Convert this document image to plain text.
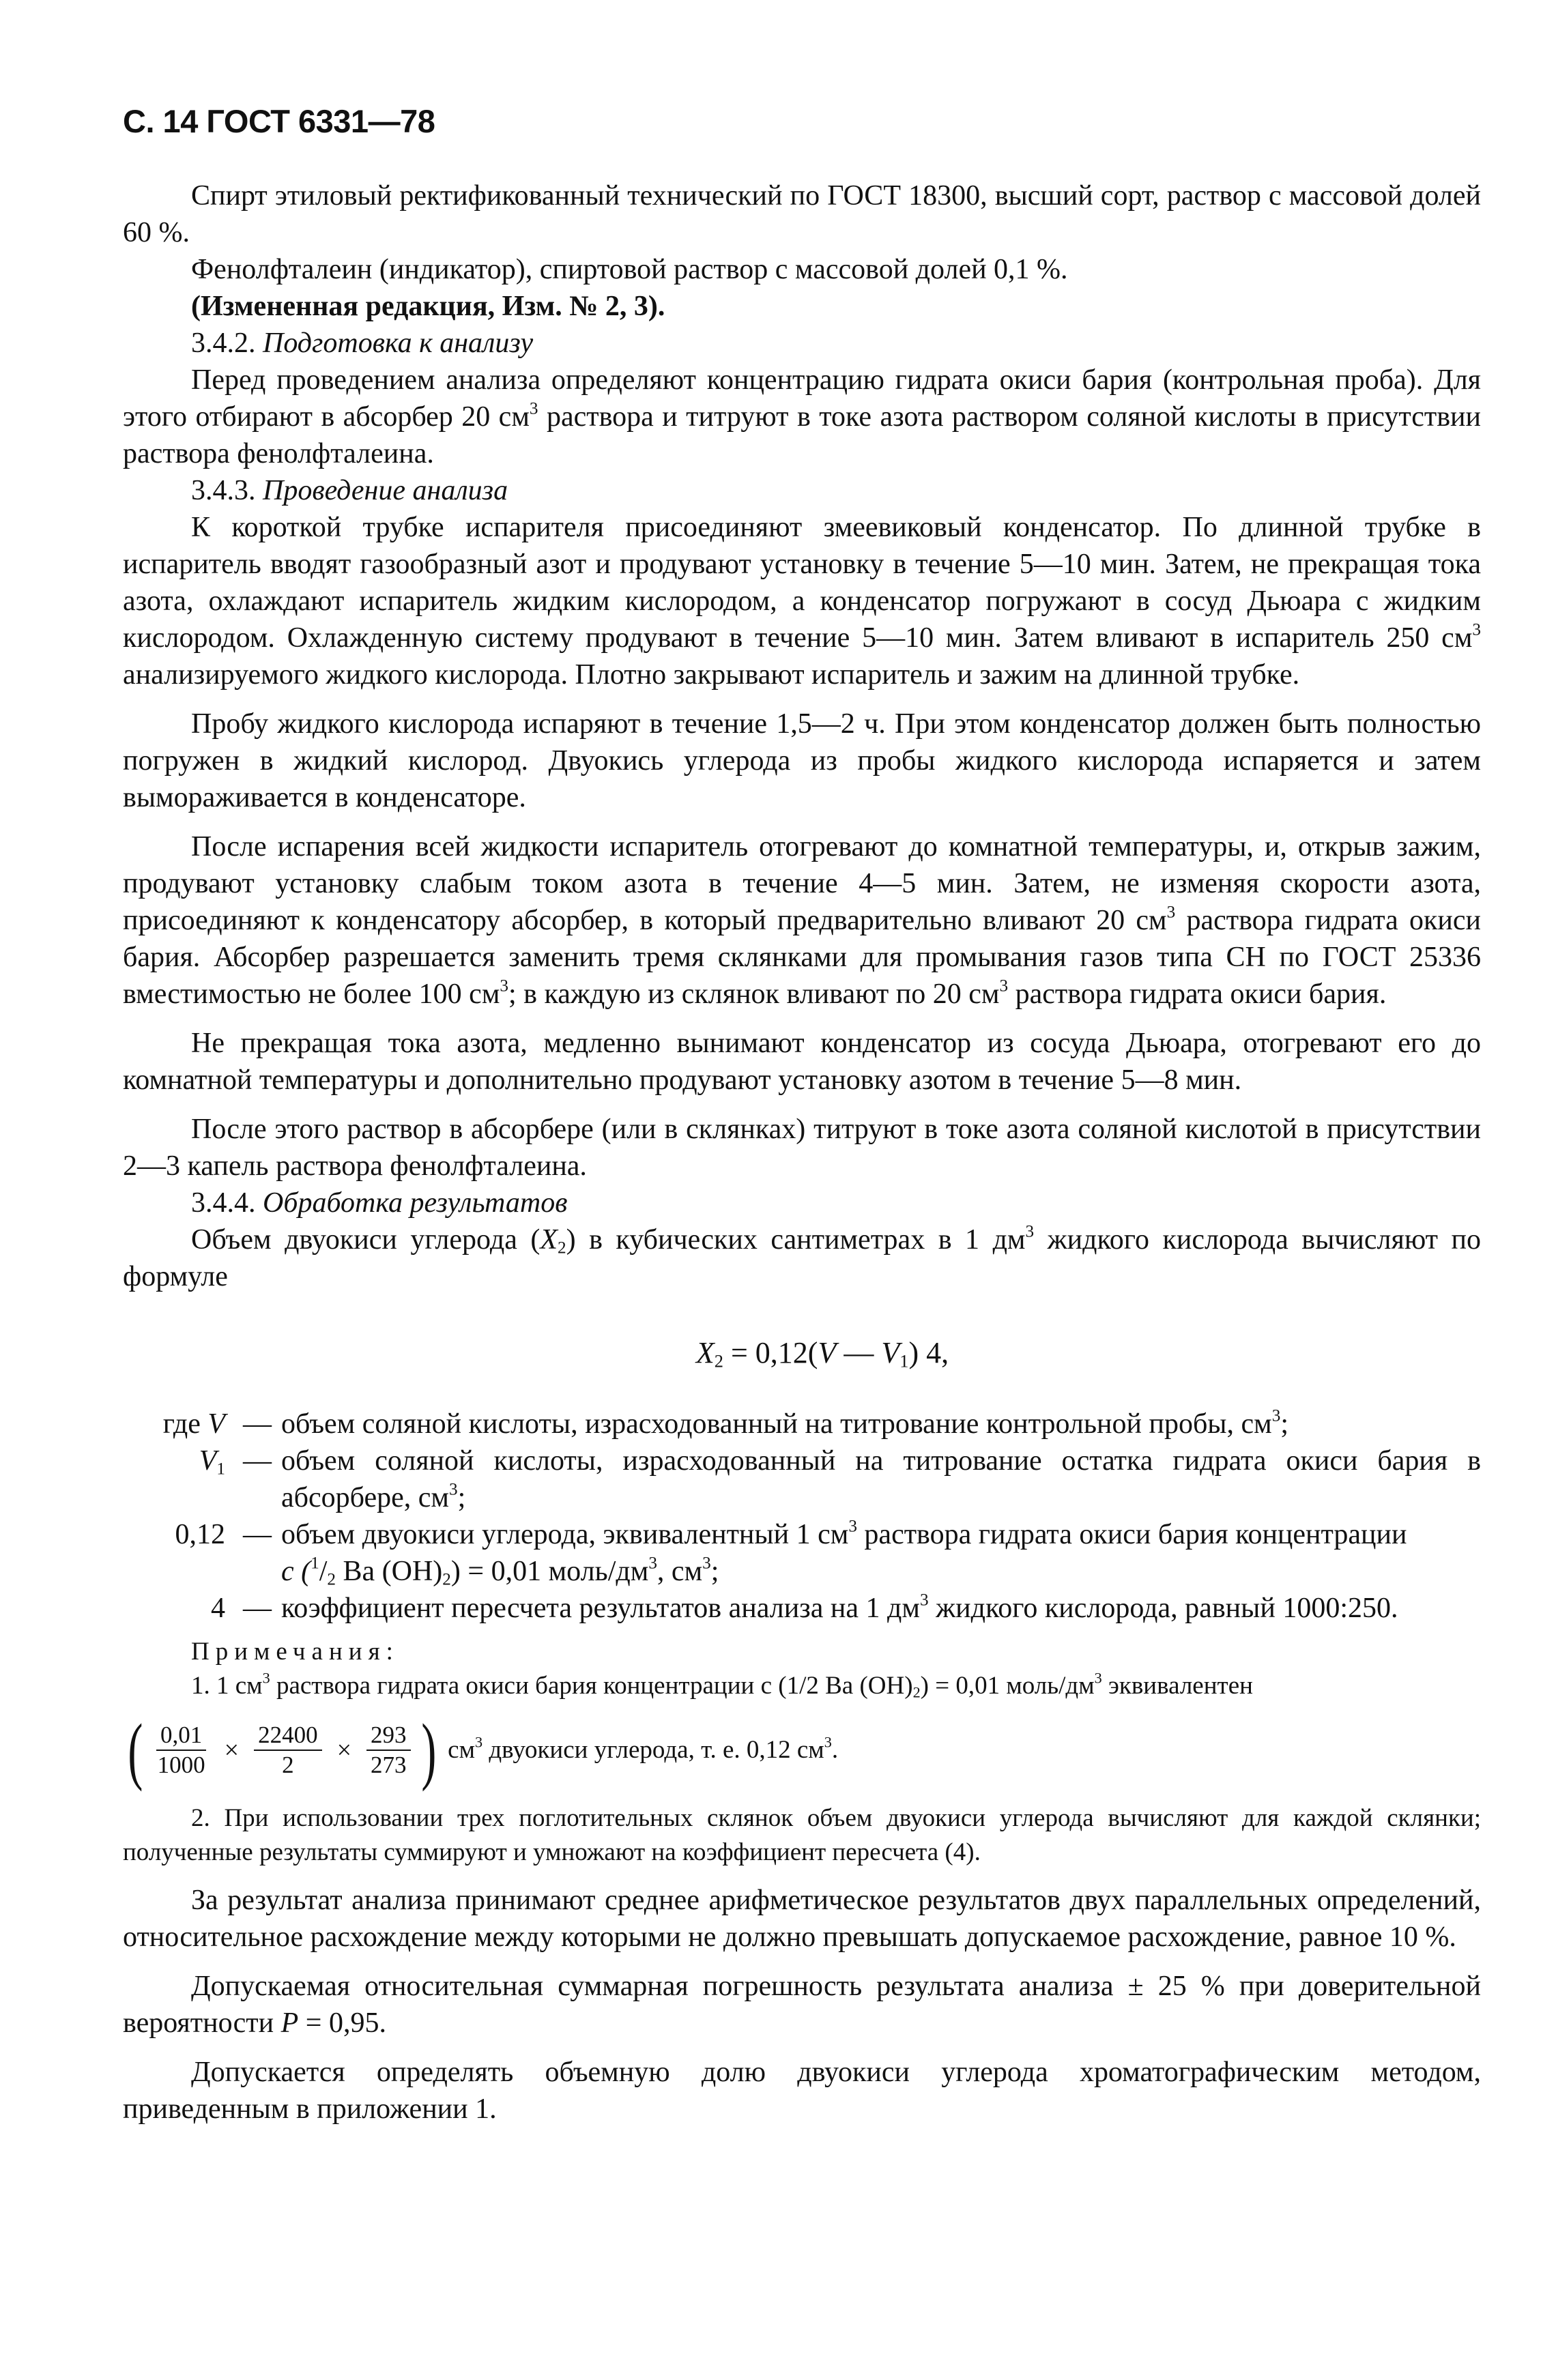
С. 14 ГОСТ 6331—78

Спирт этиловый ректификованный технический по ГОСТ 18300, высший сорт, раствор с массовой долей 60 %.

Фенолфталеин (индикатор), спиртовой раствор с массовой долей 0,1 %.

(Измененная редакция, Изм. № 2, 3).

3.4.2. Подготовка к анализу

Перед проведением анализа определяют концентрацию гидрата окиси бария (контрольная проба). Для этого отбирают в абсорбер 20 $см^3$ раствора и титруют в токе азота раствором соляной кислоты в присутствии раствора фенолфталеина.

3.4.3. Проведение анализа

К короткой трубке испарителя присоединяют змеевиковый конденсатор. По длинной трубке в испаритель вводят газообразный азот и продувают установку в течение 5—10 мин. Затем, не прекращая тока азота, охлаждают испаритель жидким кислородом, а конденсатор погружают в сосуд Дьюара с жидким кислородом. Охлажденную систему продувают в течение 5—10 мин. Затем вливают в испаритель 250 $см^3$ анализируемого жидкого кислорода. Плотно закрывают испаритель и зажим на длинной трубке.

Пробу жидкого кислорода испаряют в течение 1,5—2 ч. При этом конденсатор должен быть полностью погружен в жидкий кислород. Двуокись углерода из пробы жидкого кислорода испаряется и затем вымораживается в конденсаторе.

После испарения всей жидкости испаритель отогревают до комнатной температуры, и, открыв зажим, продувают установку слабым током азота в течение 4—5 мин. Затем, не изменяя скорости азота, присоединяют к конденсатору абсорбер, в который предварительно вливают 20 $см^3$ раствора гидрата окиси бария. Абсорбер разрешается заменить тремя склянками для промывания газов типа СН по ГОСТ 25336 вместимостью не более 100 $см^3$; в каждую из склянок вливают по 20 $см^3$ раствора гидрата окиси бария.

Не прекращая тока азота, медленно вынимают конденсатор из сосуда Дьюара, отогревают его до комнатной температуры и дополнительно продувают установку азотом в течение 5—8 мин.

После этого раствор в абсорбере (или в склянках) титруют в токе азота соляной кислотой в присутствии 2—3 капель раствора фенолфталеина.

3.4.4. Обработка результатов

Объем двуокиси углерода $(X_2)$ в кубических сантиметрах в 1 $дм^3$ жидкого кислорода вычисляют по формуле

$X_2 = 0,12(V$ — $V_1$) 4,
где V	—	объем соляной кислоты, израсходованный на титрование контрольной пробы, $см^3$;
$V_1$	—	объем соляной кислоты, израсходованный на титрование остатка гидрата окиси бария в абсорбере, $см^3$;
0,12	—	объем двуокиси углерода, эквивалентный 1 $см^3$ раствора гидрата окиси бария концентрации
c ($^1/_2$ Ba $(OH)_2) = 0,01$ моль/$дм^3$, $см^3$;
4	—	коэффициент пересчета результатов анализа на 1 $дм^3$ жидкого кислорода, равный 1000:250.

Примечания:

1. 1 $см^3$ раствора гидрата окиси бария концентрации c (1/2 Ba $(OH)_2) = 0,01$ моль/$дм^3$ эквивалентен

( $\frac{0,01}{1000} \times \frac{22400}{2} \times \frac{293}{273}$ ) $см^3$ двуокиси углерода, т. е. 0,12 $см^3$.

2. При использовании трех поглотительных склянок объем двуокиси углерода вычисляют для каждой склянки; полученные результаты суммируют и умножают на коэффициент пересчета (4).

За результат анализа принимают среднее арифметическое результатов двух параллельных определений, относительное расхождение между которыми не должно превышать допускаемое расхождение, равное 10 %.

Допускаемая относительная суммарная погрешность результата анализа ± 25 % при доверительной вероятности P = 0,95.

Допускается определять объемную долю двуокиси углерода хроматографическим методом, приведенным в приложении 1.
